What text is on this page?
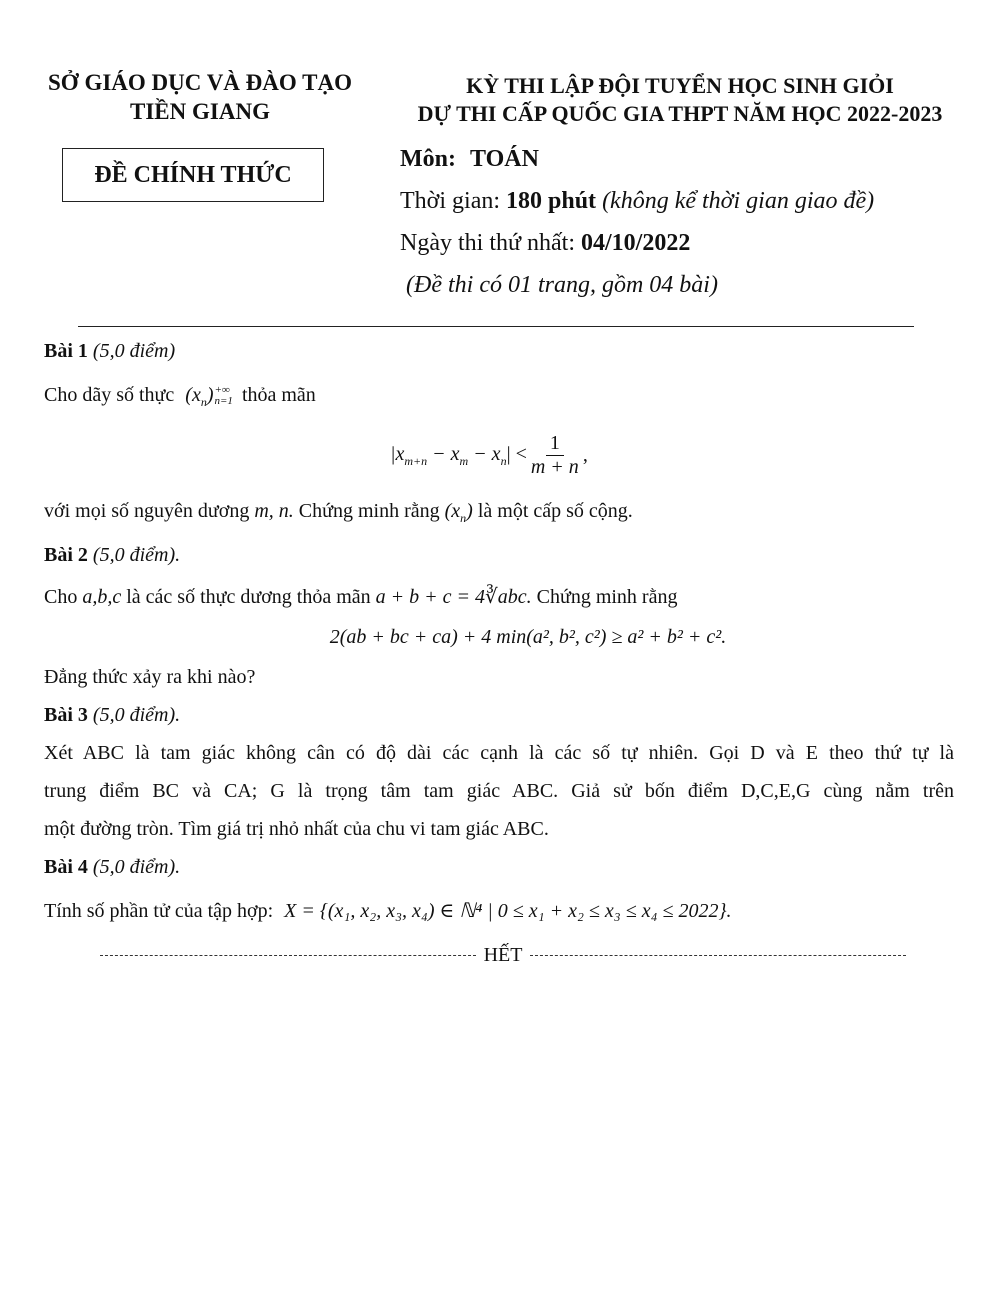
SỞ GIÁO DỤC VÀ ĐÀO TẠO
TIỀN GIANG
ĐỀ CHÍNH THỨC
KỲ THI LẬP ĐỘI TUYỂN HỌC SINH GIỎI
DỰ THI CẤP QUỐC GIA THPT NĂM HỌC 2022-2023
Môn: TOÁN
Thời gian: 180 phút (không kể thời gian giao đề)
Ngày thi thứ nhất: 04/10/2022
(Đề thi có 01 trang, gồm 04 bài)
Bài 1 (5,0 điểm)
Cho dãy số thực $(x_n)$ +∞
n=1 thỏa mãn
$|x_{m+n} - x_m - x_n| < 1$
m + n
,
với mọi số nguyên dương m, n. Chứng minh rằng $(x_n)$ là một cấp số cộng.
Bài 2 (5,0 điểm).
Cho a,b,c là các số thực dương thỏa mãn a + b + c = 4∛abc. Chứng minh rằng
2(ab + bc + ca) + 4 min(a², b², c²) ≥ a² + b² + c².
Đẳng thức xảy ra khi nào?
Bài 3 (5,0 điểm).
Xét ABC là tam giác không cân có độ dài các cạnh là các số tự nhiên. Gọi D và E theo thứ tự là
trung điểm BC và CA; G là trọng tâm tam giác ABC. Giả sử bốn điểm D,C,E,G cùng nằm trên
một đường tròn. Tìm giá trị nhỏ nhất của chu vi tam giác ABC.
Bài 4 (5,0 điểm).
Tính số phần tử của tập hợp: X = {(x₁, x₂, x₃, x₄) ∈ ℕ⁴ | 0 ≤ x₁ + x₂ ≤ x₃ ≤ x₄ ≤ 2022}.
HẾT
